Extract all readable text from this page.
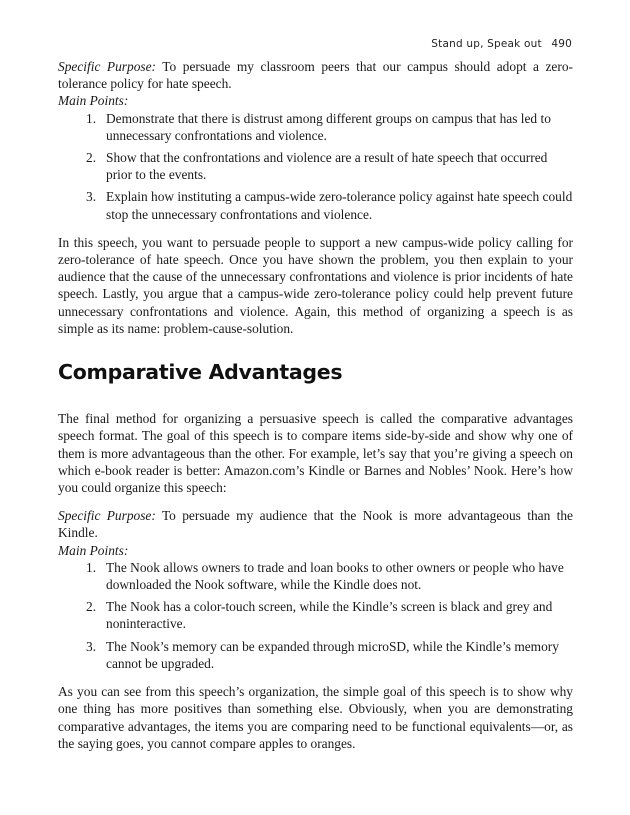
Stand up, Speak out 490

Specific Purpose: To persuade my classroom peers that our campus should adopt a zero-tolerance policy for hate speech.

Main Points:

1. Demonstrate that there is distrust among different groups on campus that has led to unnecessary confrontations and violence.
2. Show that the confrontations and violence are a result of hate speech that occurred prior to the events.
3. Explain how instituting a campus-wide zero-tolerance policy against hate speech could stop the unnecessary confrontations and violence.

In this speech, you want to persuade people to support a new campus-wide policy calling for zero-tolerance of hate speech. Once you have shown the problem, you then explain to your audience that the cause of the unnecessary confrontations and violence is prior incidents of hate speech. Lastly, you argue that a campus-wide zero-tolerance policy could help prevent future unnecessary confrontations and violence. Again, this method of organizing a speech is as simple as its name: problem-cause-solution.

Comparative Advantages

The final method for organizing a persuasive speech is called the comparative advantages speech format. The goal of this speech is to compare items side-by-side and show why one of them is more advantageous than the other. For example, let’s say that you’re giving a speech on which e-book reader is better: Amazon.com’s Kindle or Barnes and Nobles’ Nook. Here’s how you could organize this speech:

Specific Purpose: To persuade my audience that the Nook is more advantageous than the Kindle.

Main Points:

1. The Nook allows owners to trade and loan books to other owners or people who have downloaded the Nook software, while the Kindle does not.
2. The Nook has a color-touch screen, while the Kindle’s screen is black and grey and noninteractive.
3. The Nook’s memory can be expanded through microSD, while the Kindle’s memory cannot be upgraded.

As you can see from this speech’s organization, the simple goal of this speech is to show why one thing has more positives than something else. Obviously, when you are demonstrating comparative advantages, the items you are comparing need to be functional equivalents—or, as the saying goes, you cannot compare apples to oranges.
